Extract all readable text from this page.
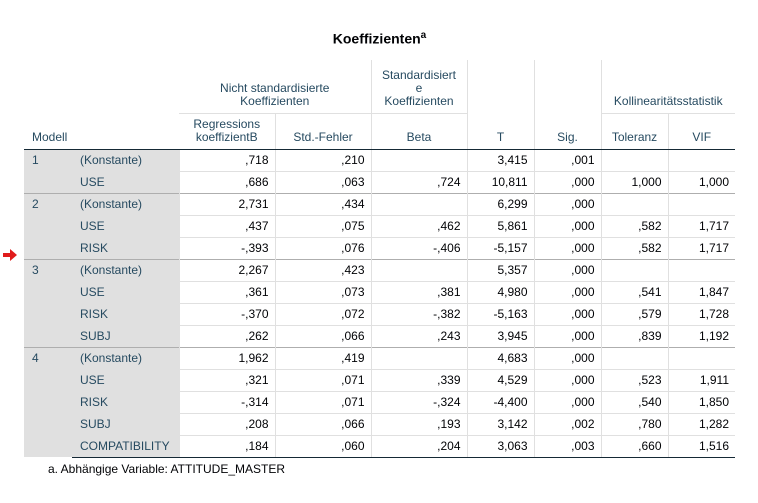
Koeffizienten$^a$
		Nicht standardisierte Koeffizienten		Standardisiert e Koeffizienten			Kollinearitätsstatistik	
Modell		Regressions koeffizientB	Std.-Fehler	Beta	T	Sig.	Toleranz	VIF
1	(Konstante)	,718	,210		3,415	,001		
	USE	,686	,063	,724	10,811	,000	1,000	1,000
2	(Konstante)	2,731	,434		6,299	,000		
	USE	,437	,075	,462	5,861	,000	,582	1,717
	RISK	-,393	,076	-,406	-5,157	,000	,582	1,717
3	(Konstante)	2,267	,423		5,357	,000		
	USE	,361	,073	,381	4,980	,000	,541	1,847
	RISK	-,370	,072	-,382	-5,163	,000	,579	1,728
	SUBJ	,262	,066	,243	3,945	,000	,839	1,192
4	(Konstante)	1,962	,419		4,683	,000		
	USE	,321	,071	,339	4,529	,000	,523	1,911
	RISK	-,314	,071	-,324	-4,400	,000	,540	1,850
	SUBJ	,208	,066	,193	3,142	,002	,780	1,282
	COMPATIBILITY	,184	,060	,204	3,063	,003	,660	1,516
a. Abhängige Variable: ATTITUDE_MASTER
